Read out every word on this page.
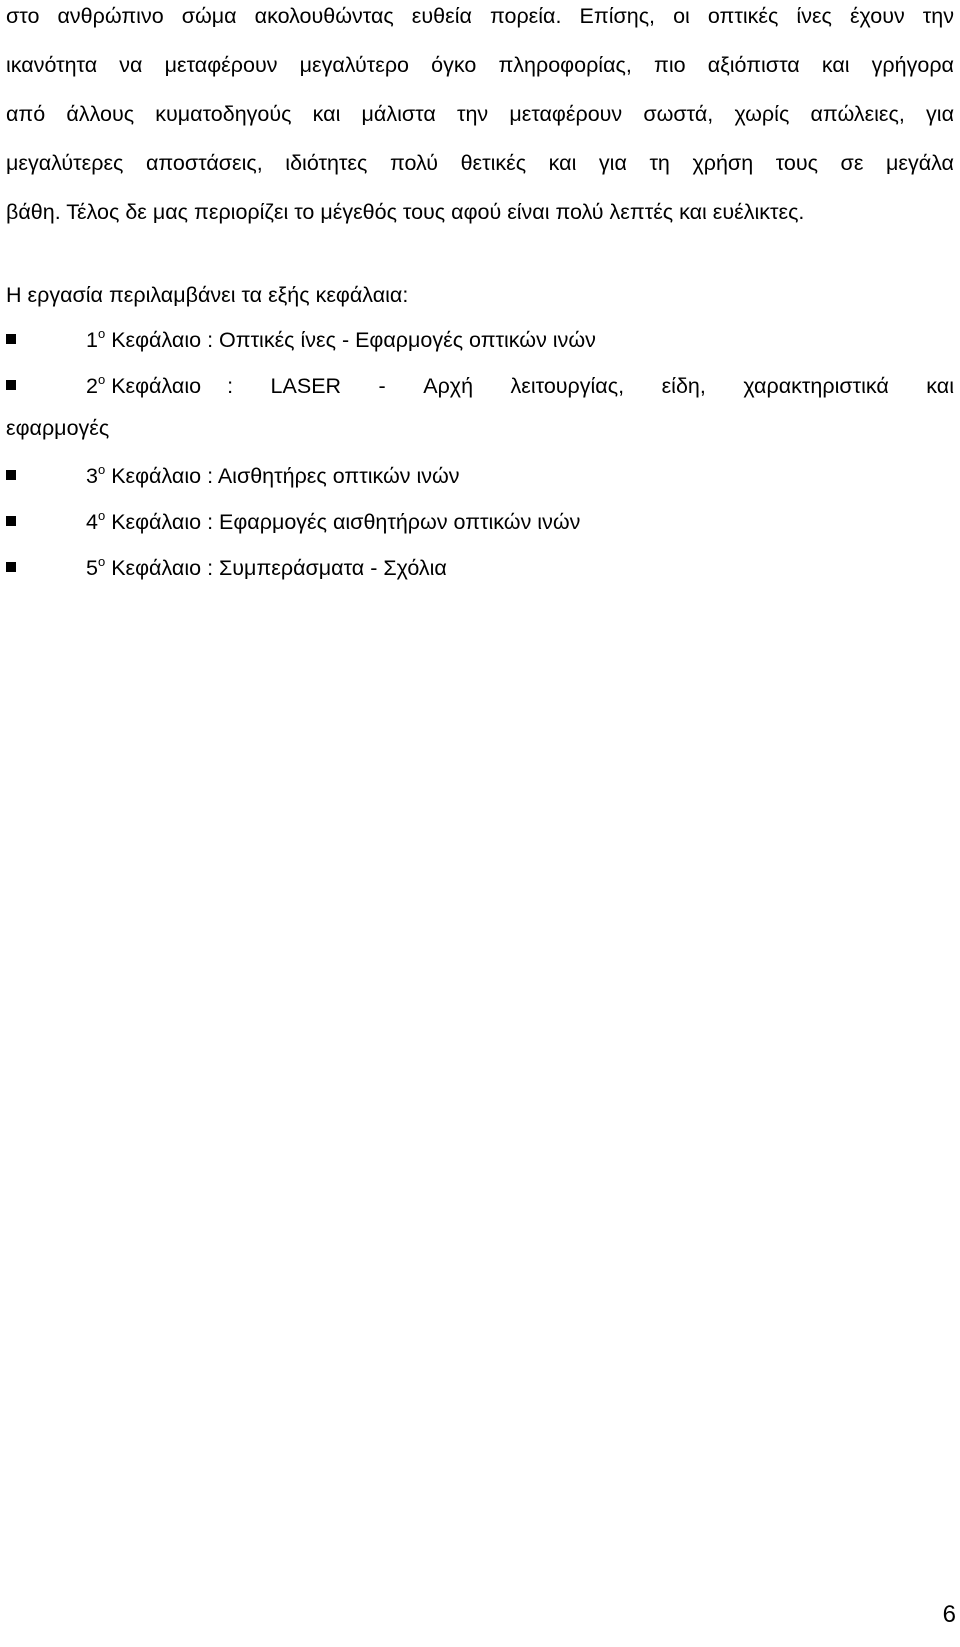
στο ανθρώπινο σώμα ακολουθώντας ευθεία πορεία. Επίσης, οι οπτικές ίνες έχουν την
ικανότητα να μεταφέρουν μεγαλύτερο όγκο πληροφορίας, πιο αξιόπιστα και γρήγορα
από άλλους κυματοδηγούς και μάλιστα την μεταφέρουν σωστά, χωρίς απώλειες, για
μεγαλύτερες αποστάσεις, ιδιότητες πολύ θετικές και για τη χρήση τους σε μεγάλα
βάθη. Τέλος δε μας περιορίζει το μέγεθός τους αφού είναι πολύ λεπτές και ευέλικτες.
Η εργασία περιλαμβάνει τα εξής κεφάλαια:
$1^o$ Κεφάλαιο : Οπτικές ίνες - Εφαρμογές οπτικών ινών
$2^o$ Κεφάλαιο : LASER - Αρχή λειτουργίας, είδη, χαρακτηριστικά και
εφαρμογές
$3^o$ Κεφάλαιο : Αισθητήρες οπτικών ινών
$4^o$ Κεφάλαιο : Εφαρμογές αισθητήρων οπτικών ινών
$5^o$ Κεφάλαιο : Συμπεράσματα - Σχόλια
6
